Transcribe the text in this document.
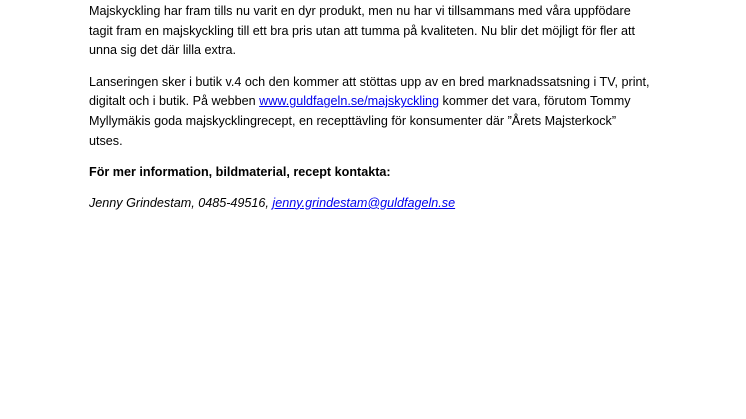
Majskyckling har fram tills nu varit en dyr produkt, men nu har vi tillsammans med våra uppfödare
tagit fram en majskyckling till ett bra pris utan att tumma på kvaliteten. Nu blir det möjligt för fler att
unna sig det där lilla extra.

Lanseringen sker i butik v.4 och den kommer att stöttas upp av en bred marknadssatsning i TV, print,
digitalt och i butik. På webben www.guldfageln.se/majskyckling kommer det vara, förutom Tommy
Myllymäkis goda majskycklingrecept, en recepttävling för konsumenter där ”Årets Majsterkock”
utses.

För mer information, bildmaterial, recept kontakta:

Jenny Grindestam, 0485-49516, jenny.grindestam@guldfageln.se
